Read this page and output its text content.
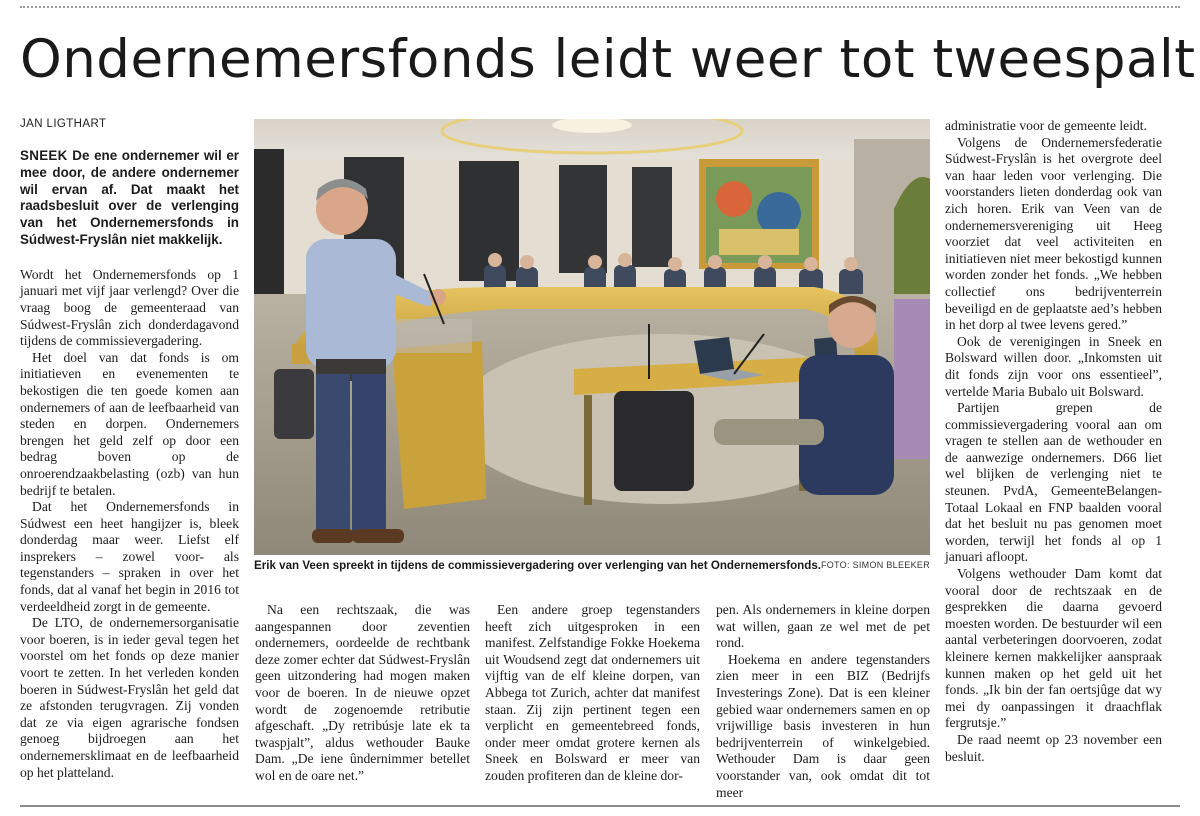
Ondernemersfonds leidt weer tot tweespalt
JAN LIGTHART
SNEEK De ene ondernemer wil er mee door, de andere ondernemer wil ervan af. Dat maakt het raadsbesluit over de verlenging van het Ondernemersfonds in Súdwest-Fryslân niet makkelijk.

Wordt het Ondernemersfonds op 1 januari met vijf jaar verlengd? Over die vraag boog de gemeenteraad van Súdwest-Fryslân zich donderdagavond tijdens de commissievergadering.

Het doel van dat fonds is om initiatieven en evenementen te bekostigen die ten goede komen aan ondernemers of aan de leefbaarheid van steden en dorpen. Ondernemers brengen het geld zelf op door een bedrag boven op de onroerendzaakbelasting (ozb) van hun bedrijf te betalen.

Dat het Ondernemersfonds in Súdwest een heet hangijzer is, bleek donderdag maar weer. Liefst elf insprekers – zowel voor- als tegenstanders – spraken in over het fonds, dat al vanaf het begin in 2016 tot verdeeldheid zorgt in de gemeente.

De LTO, de ondernemersorganisatie voor boeren, is in ieder geval tegen het voorstel om het fonds op deze manier voort te zetten. In het verleden konden boeren in Súdwest-Fryslân het geld dat ze afstonden terugvragen. Zij vonden dat ze via eigen agrarische fondsen genoeg bijdroegen aan het ondernemersklimaat en de leefbaarheid op het platteland.

Erik van Veen spreekt in tijdens de commissievergadering over verlenging van het Ondernemersfonds. FOTO: SIMON BLEEKER

Na een rechtszaak, die was aangespannen door zeventien ondernemers, oordeelde de rechtbank deze zomer echter dat Súdwest-Fryslân geen uitzondering had mogen maken voor de boeren. In de nieuwe opzet wordt de zogenoemde retributie afgeschaft. „Dy retribúsje late ek ta twaspjalt”, aldus wethouder Bauke Dam. „De iene ûndernimmer betellet wol en de oare net.”

Een andere groep tegenstanders heeft zich uitgesproken in een manifest. Zelfstandige Fokke Hoekema uit Woudsend zegt dat ondernemers uit vijftig van de elf kleine dorpen, van Abbega tot Zurich, achter dat manifest staan. Zij zijn pertinent tegen een verplicht en gemeentebreed fonds, onder meer omdat grotere kernen als Sneek en Bolsward er meer van zouden profiteren dan de kleine dor-

pen. Als ondernemers in kleine dorpen wat willen, gaan ze wel met de pet rond.

Hoekema en andere tegenstanders zien meer in een BIZ (Bedrijfs Investerings Zone). Dat is een kleiner gebied waar ondernemers samen en op vrijwillige basis investeren in hun bedrijventerrein of winkelgebied. Wethouder Dam is daar geen voorstander van, ook omdat dit tot meer

administratie voor de gemeente leidt.

Volgens de Ondernemersfederatie Súdwest-Fryslân is het overgrote deel van haar leden voor verlenging. Die voorstanders lieten donderdag ook van zich horen. Erik van Veen van de ondernemersvereniging uit Heeg voorziet dat veel activiteiten en initiatieven niet meer bekostigd kunnen worden zonder het fonds. „We hebben collectief ons bedrijventerrein beveiligd en de geplaatste aed’s hebben in het dorp al twee levens gered.”

Ook de verenigingen in Sneek en Bolsward willen door. „Inkomsten uit dit fonds zijn voor ons essentieel”, vertelde Maria Bubalo uit Bolsward.

Partijen grepen de commissievergadering vooral aan om vragen te stellen aan de wethouder en de aanwezige ondernemers. D66 liet wel blijken de verlenging niet te steunen. PvdA, GemeenteBelangen-Totaal Lokaal en FNP baalden vooral dat het besluit nu pas genomen moet worden, terwijl het fonds al op 1 januari afloopt.

Volgens wethouder Dam komt dat vooral door de rechtszaak en de gesprekken die daarna gevoerd moesten worden. De bestuurder wil een aantal verbeteringen doorvoeren, zodat kleinere kernen makkelijker aanspraak kunnen maken op het geld uit het fonds. „Ik bin der fan oertsjûge dat wy mei dy oanpassingen it draachflak fergrutsje.”

De raad neemt op 23 november een besluit.
